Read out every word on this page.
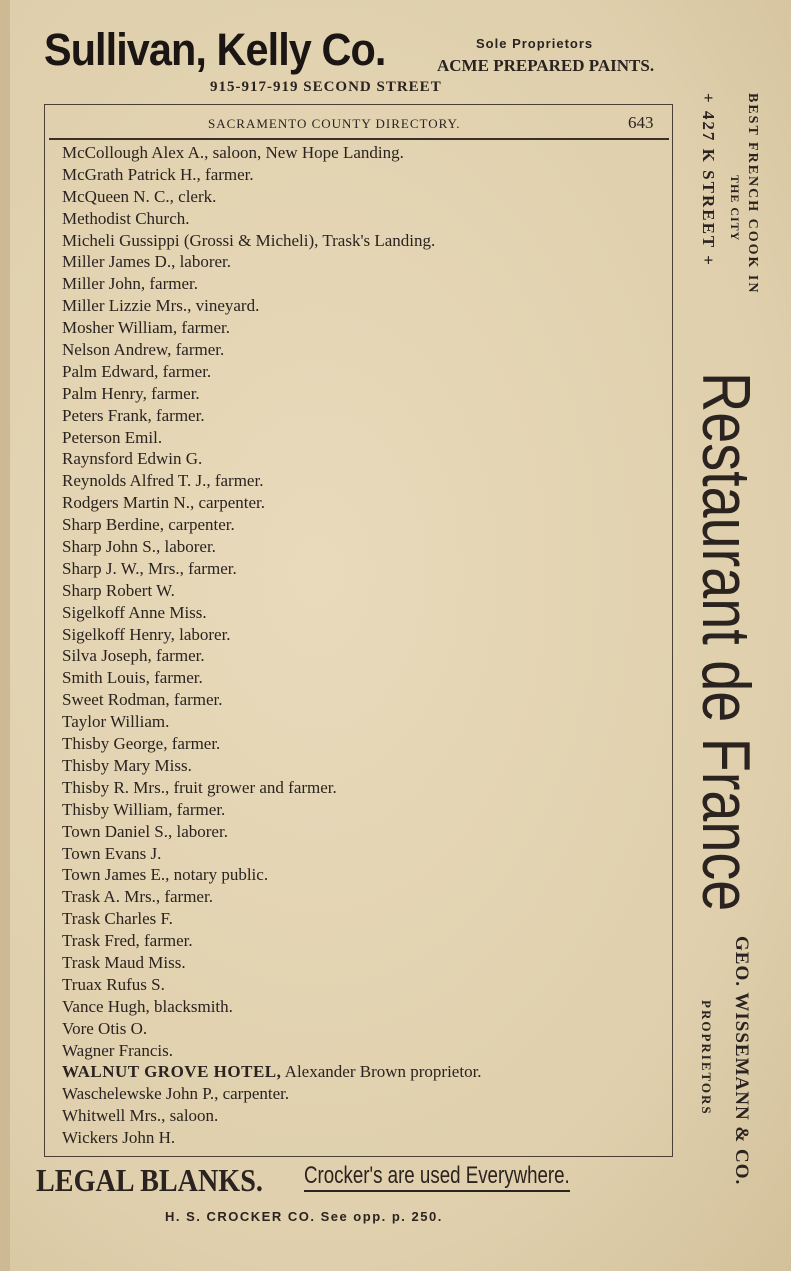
Sullivan, Kelly Co.	Sole Proprietors
ACME PREPARED PAINTS.
915-917-919 SECOND STREET
SACRAMENTO COUNTY DIRECTORY.	643
McCollough Alex A., saloon, New Hope Landing.
McGrath Patrick H., farmer.
McQueen N. C., clerk.
Methodist Church.
Micheli Gussippi (Grossi & Micheli), Trask's Landing.
Miller James D., laborer.
Miller John, farmer.
Miller Lizzie Mrs., vineyard.
Mosher William, farmer.
Nelson Andrew, farmer.
Palm Edward, farmer.
Palm Henry, farmer.
Peters Frank, farmer.
Peterson Emil.
Raynsford Edwin G.
Reynolds Alfred T. J., farmer.
Rodgers Martin N., carpenter.
Sharp Berdine, carpenter.
Sharp John S., laborer.
Sharp J. W., Mrs., farmer.
Sharp Robert W.
Sigelkoff Anne Miss.
Sigelkoff Henry, laborer.
Silva Joseph, farmer.
Smith Louis, farmer.
Sweet Rodman, farmer.
Taylor William.
Thisby George, farmer.
Thisby Mary Miss.
Thisby R. Mrs., fruit grower and farmer.
Thisby William, farmer.
Town Daniel S., laborer.
Town Evans J.
Town James E., notary public.
Trask A. Mrs., farmer.
Trask Charles F.
Trask Fred, farmer.
Trask Maud Miss.
Truax Rufus S.
Vance Hugh, blacksmith.
Vore Otis O.
Wagner Francis.
WALNUT GROVE HOTEL, Alexander Brown proprietor.
Waschelewske John P., carpenter.
Whitwell Mrs., saloon.
Wickers John H.
LEGAL BLANKS. Crocker's are used Everywhere.
H. S. CROCKER CO. See opp. p. 250.
BEST FRENCH COOK IN
THE CITY
+ 427 K STREET +
Restaurant de France
GEO. WISSEMANN & CO.
PROPRIETORS
